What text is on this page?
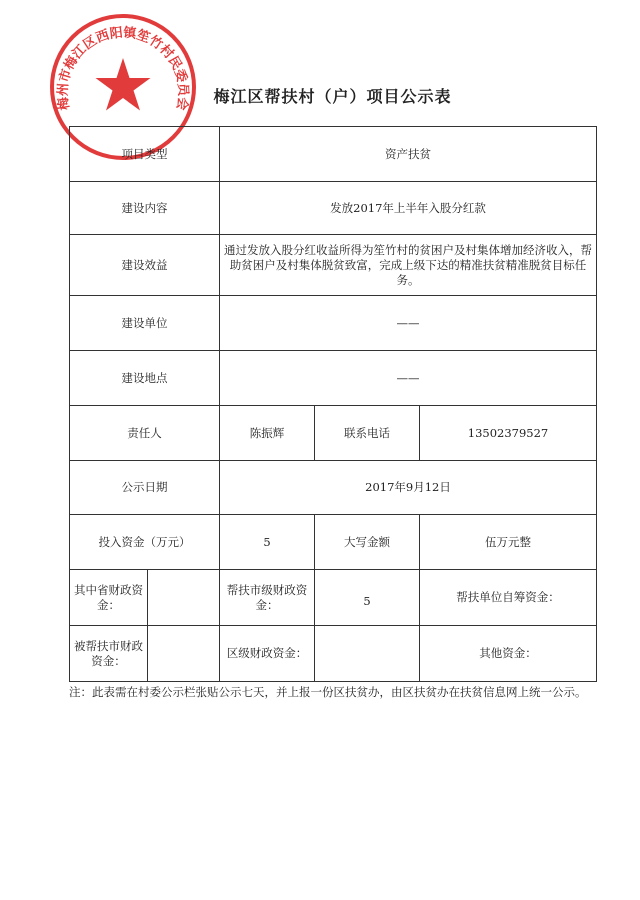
梅州市梅江区西阳镇笙竹村民委员会	梅江区帮扶村（户）项目公示表
项目类型		资产扶贫		
建设内容		发放2017年上半年入股分红款		
建设效益		通过发放入股分红收益所得为笙竹村的贫困户及村集体增加经济收入，帮助贫困户及村集体脱贫致富，完成上级下达的精准扶贫精准脱贫目标任务。		
建设单位		——		
建设地点		——		
责任人		陈振辉	联系电话	13502379527
公示日期		2017年9月12日		
投入资金（万元）		5	大写金额	伍万元整
其中省财政资金：		帮扶市级财政资金：	5	帮扶单位自筹资金：
被帮扶市财政资金：		区级财政资金：		其他资金：
注：此表需在村委公示栏张贴公示七天，并上报一份区扶贫办，由区扶贫办在扶贫信息网上统一公示。
